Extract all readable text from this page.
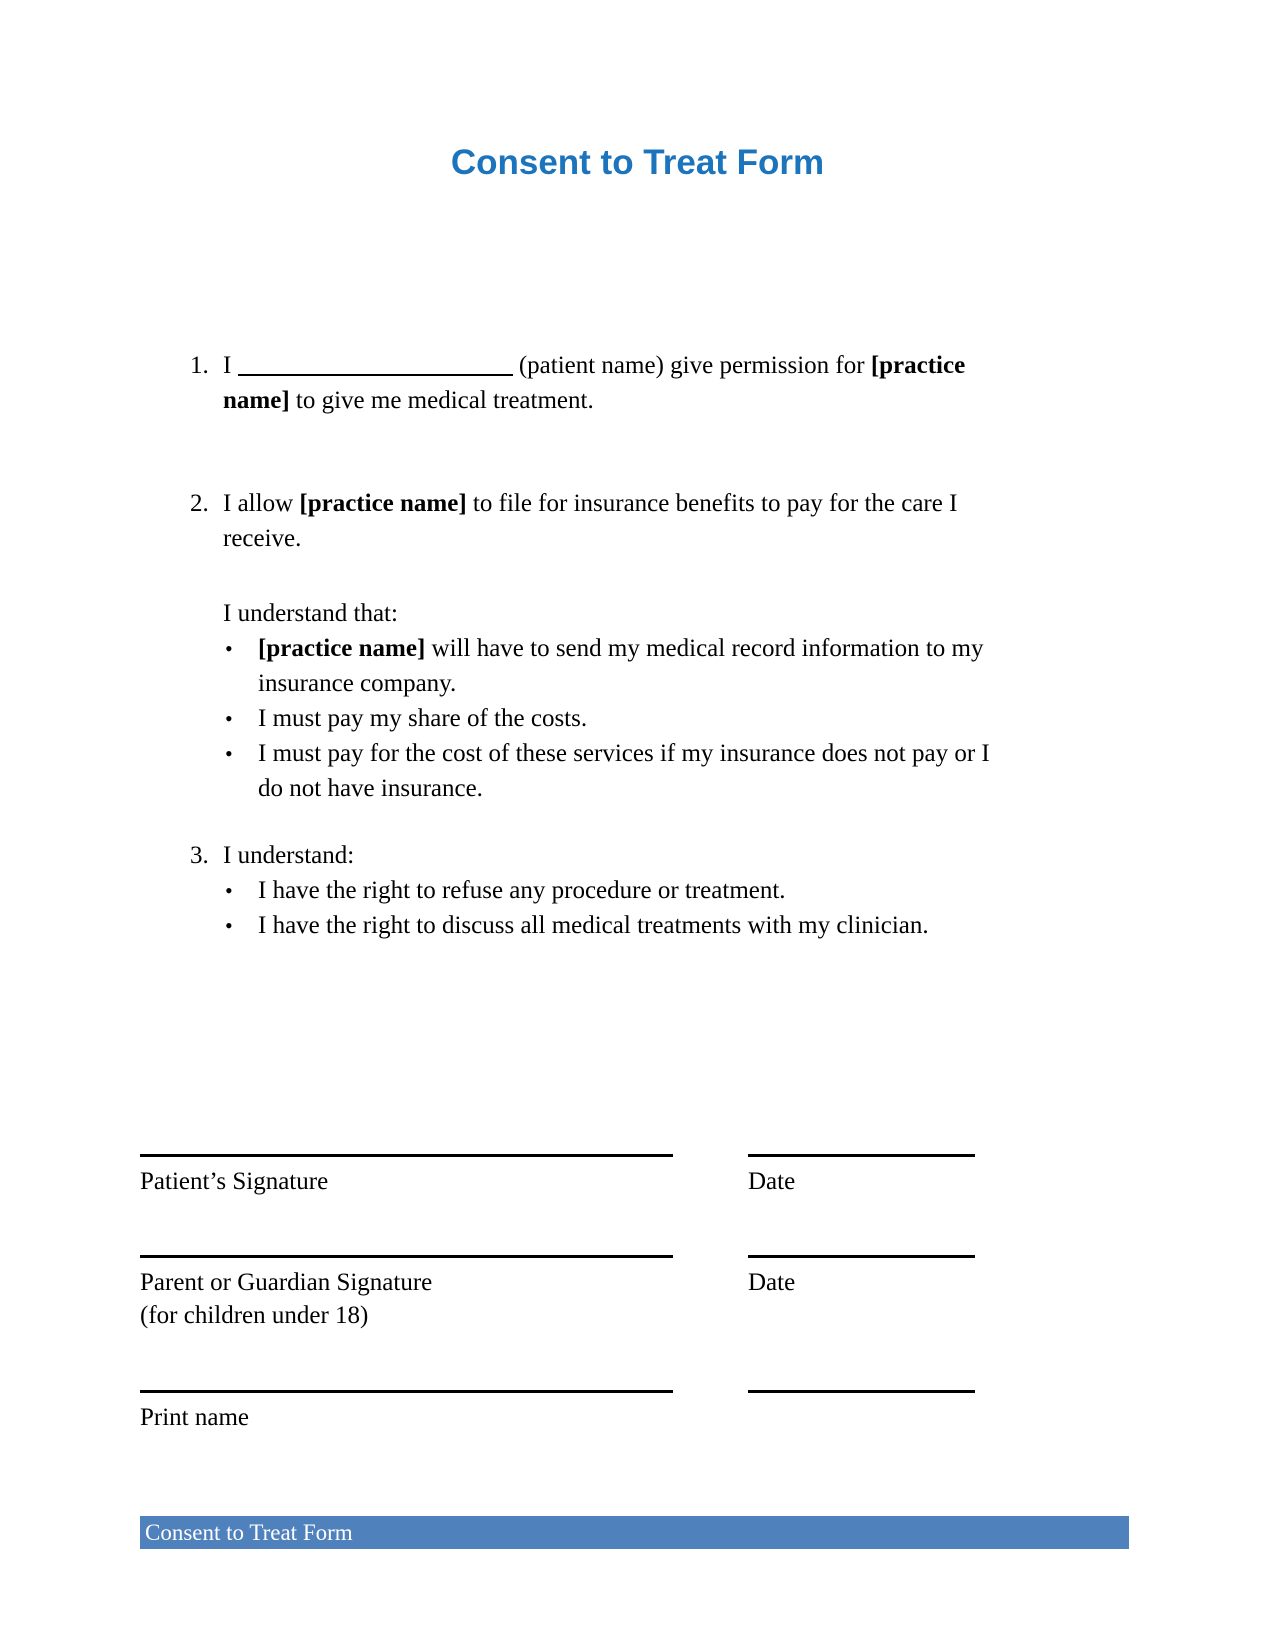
Consent to Treat Form
1. I	(patient name) give permission for [practice
name] to give me medical treatment.
2. I allow [practice name] to file for insurance benefits to pay for the care I
receive.
I understand that:
• [practice name] will have to send my medical record information to my
insurance company.
• I must pay my share of the costs.
• I must pay for the cost of these services if my insurance does not pay or I
do not have insurance.
3. I understand:
• I have the right to refuse any procedure or treatment.
• I have the right to discuss all medical treatments with my clinician.
Patient’s Signature	Date
Parent or Guardian Signature
(for children under 18)
Date
Print name
Consent to Treat Form
